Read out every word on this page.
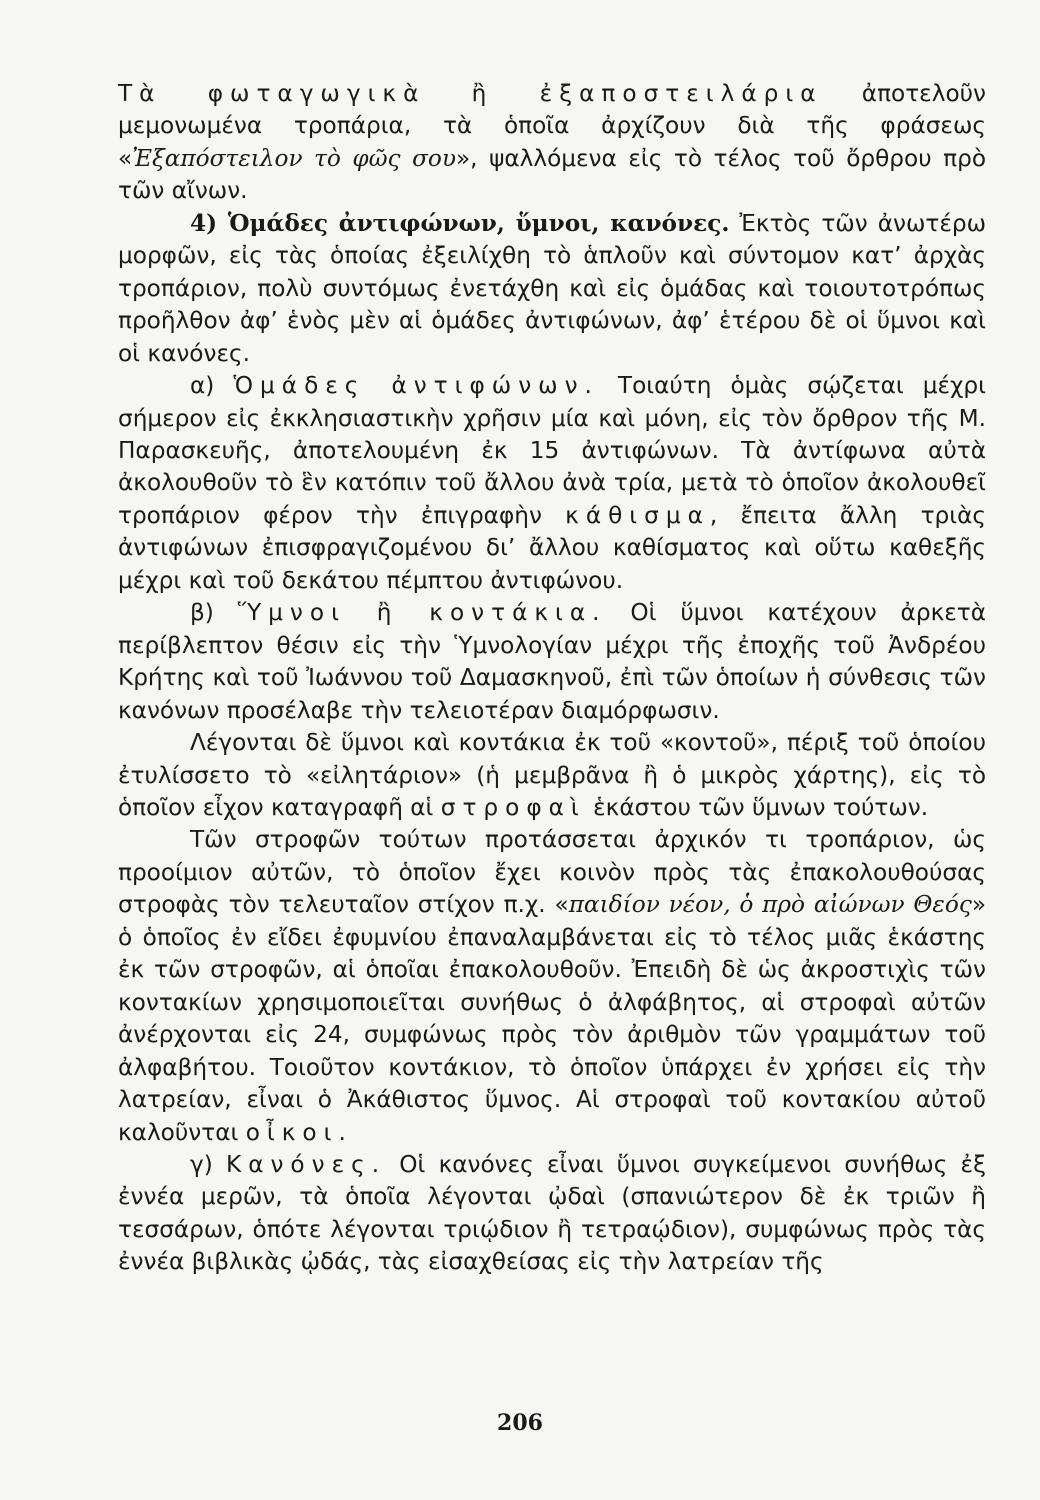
Τὰ φωταγωγικὰ ἢ ἐξαποστειλάρια ἀποτελοῦν μεμονωμένα τροπάρια, τὰ ὁποῖα ἀρχίζουν διὰ τῆς φράσεως «Ἐξαπόστειλον τὸ φῶς σου», ψαλλόμενα εἰς τὸ τέλος τοῦ ὄρθρου πρὸ τῶν αἴνων.

4) Ὁμάδες ἀντιφώνων, ὕμνοι, κανόνες. Ἐκτὸς τῶν ἀνωτέρω μορφῶν, εἰς τὰς ὁποίας ἐξειλίχθη τὸ ἁπλοῦν καὶ σύντομον κατ’ ἀρχὰς τροπάριον, πολὺ συντόμως ἐνετάχθη καὶ εἰς ὁμάδας καὶ τοιουτοτρόπως προῆλθον ἀφ’ ἑνὸς μὲν αἱ ὁμάδες ἀντιφώνων, ἀφ’ ἑτέρου δὲ οἱ ὕμνοι καὶ οἱ κανόνες.

α) Ὁμάδες ἀντιφώνων. Τοιαύτη ὁμὰς σῴζεται μέχρι σήμερον εἰς ἐκκλησιαστικὴν χρῆσιν μία καὶ μόνη, εἰς τὸν ὄρθρον τῆς Μ. Παρασκευῆς, ἀποτελουμένη ἐκ 15 ἀντιφώνων. Τὰ ἀντίφωνα αὐτὰ ἀκολουθοῦν τὸ ἓν κατόπιν τοῦ ἄλλου ἀνὰ τρία, μετὰ τὸ ὁποῖον ἀκολουθεῖ τροπάριον φέρον τὴν ἐπιγραφὴν κάθισμα, ἔπειτα ἄλλη τριὰς ἀντιφώνων ἐπισφραγιζομένου δι’ ἄλλου καθίσματος καὶ οὕτω καθεξῆς μέχρι καὶ τοῦ δεκάτου πέμπτου ἀντιφώνου.

β) Ὕμνοι ἢ κοντάκια. Οἱ ὕμνοι κατέχουν ἀρκετὰ περίβλεπτον θέσιν εἰς τὴν Ὑμνολογίαν μέχρι τῆς ἐποχῆς τοῦ Ἀνδρέου Κρήτης καὶ τοῦ Ἰωάννου τοῦ Δαμασκηνοῦ, ἐπὶ τῶν ὁποίων ἡ σύνθεσις τῶν κανόνων προσέλαβε τὴν τελειοτέραν διαμόρφωσιν.

Λέγονται δὲ ὕμνοι καὶ κοντάκια ἐκ τοῦ «κοντοῦ», πέριξ τοῦ ὁποίου ἐτυλίσσετο τὸ «εἰλητάριον» (ἡ μεμβρᾶνα ἢ ὁ μικρὸς χάρτης), εἰς τὸ ὁποῖον εἶχον καταγραφῆ αἱ στροφαὶ ἑκάστου τῶν ὕμνων τούτων.

Τῶν στροφῶν τούτων προτάσσεται ἀρχικόν τι τροπάριον, ὡς προοίμιον αὐτῶν, τὸ ὁποῖον ἔχει κοινὸν πρὸς τὰς ἐπακολουθούσας στροφὰς τὸν τελευταῖον στίχον π.χ. «παιδίον νέον, ὁ πρὸ αἰώνων Θεός» ὁ ὁποῖος ἐν εἴδει ἐφυμνίου ἐπαναλαμβάνεται εἰς τὸ τέλος μιᾶς ἑκάστης ἐκ τῶν στροφῶν, αἱ ὁποῖαι ἐπακολουθοῦν. Ἐπειδὴ δὲ ὡς ἀκροστιχὶς τῶν κοντακίων χρησιμοποιεῖται συνήθως ὁ ἀλφάβητος, αἱ στροφαὶ αὐτῶν ἀνέρχονται εἰς 24, συμφώνως πρὸς τὸν ἀριθμὸν τῶν γραμμάτων τοῦ ἀλφαβήτου. Τοιοῦτον κοντάκιον, τὸ ὁποῖον ὑπάρχει ἐν χρήσει εἰς τὴν λατρείαν, εἶναι ὁ Ἀκάθιστος ὕμνος. Αἱ στροφαὶ τοῦ κοντακίου αὐτοῦ καλοῦνται οἶκοι.

γ) Κανόνες. Οἱ κανόνες εἶναι ὕμνοι συγκείμενοι συνήθως ἐξ ἐννέα μερῶν, τὰ ὁποῖα λέγονται ᾠδαὶ (σπανιώτερον δὲ ἐκ τριῶν ἢ τεσσάρων, ὁπότε λέγονται τριῴδιον ἢ τετραῴδιον), συμφώνως πρὸς τὰς ἐννέα βιβλικὰς ᾠδάς, τὰς εἰσαχθείσας εἰς τὴν λατρείαν τῆς

206
